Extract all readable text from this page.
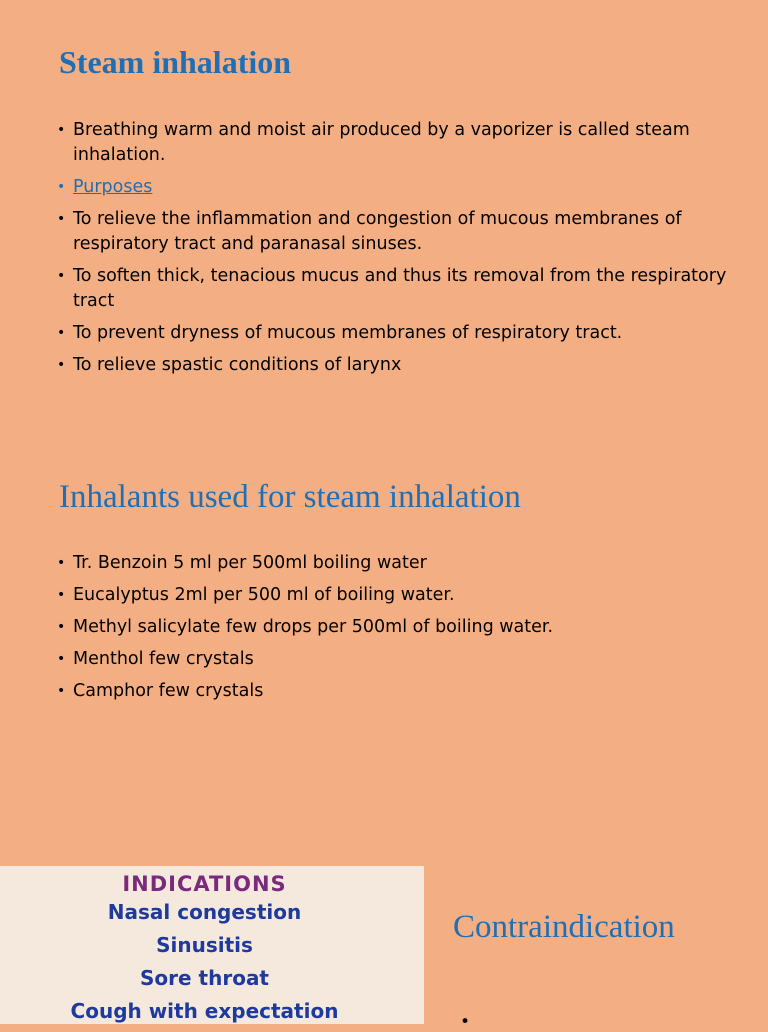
Steam inhalation
• Breathing warm and moist air produced by a vaporizer is called steam inhalation.
• Purposes
• To relieve the inflammation and congestion of mucous membranes of respiratory tract and paranasal sinuses.
• To soften thick, tenacious mucus and thus its removal from the respiratory tract
• To prevent dryness of mucous membranes of respiratory tract.
• To relieve spastic conditions of larynx
Inhalants used for steam inhalation
• Tr. Benzoin 5 ml per 500ml boiling water
• Eucalyptus 2ml per 500 ml of boiling water.
• Methyl salicylate few drops per 500ml of boiling water.
• Menthol few crystals
• Camphor few crystals
INDICATIONS
Nasal congestion
Sinusitis
Sore throat
Cough with expectation
Contraindication
•
